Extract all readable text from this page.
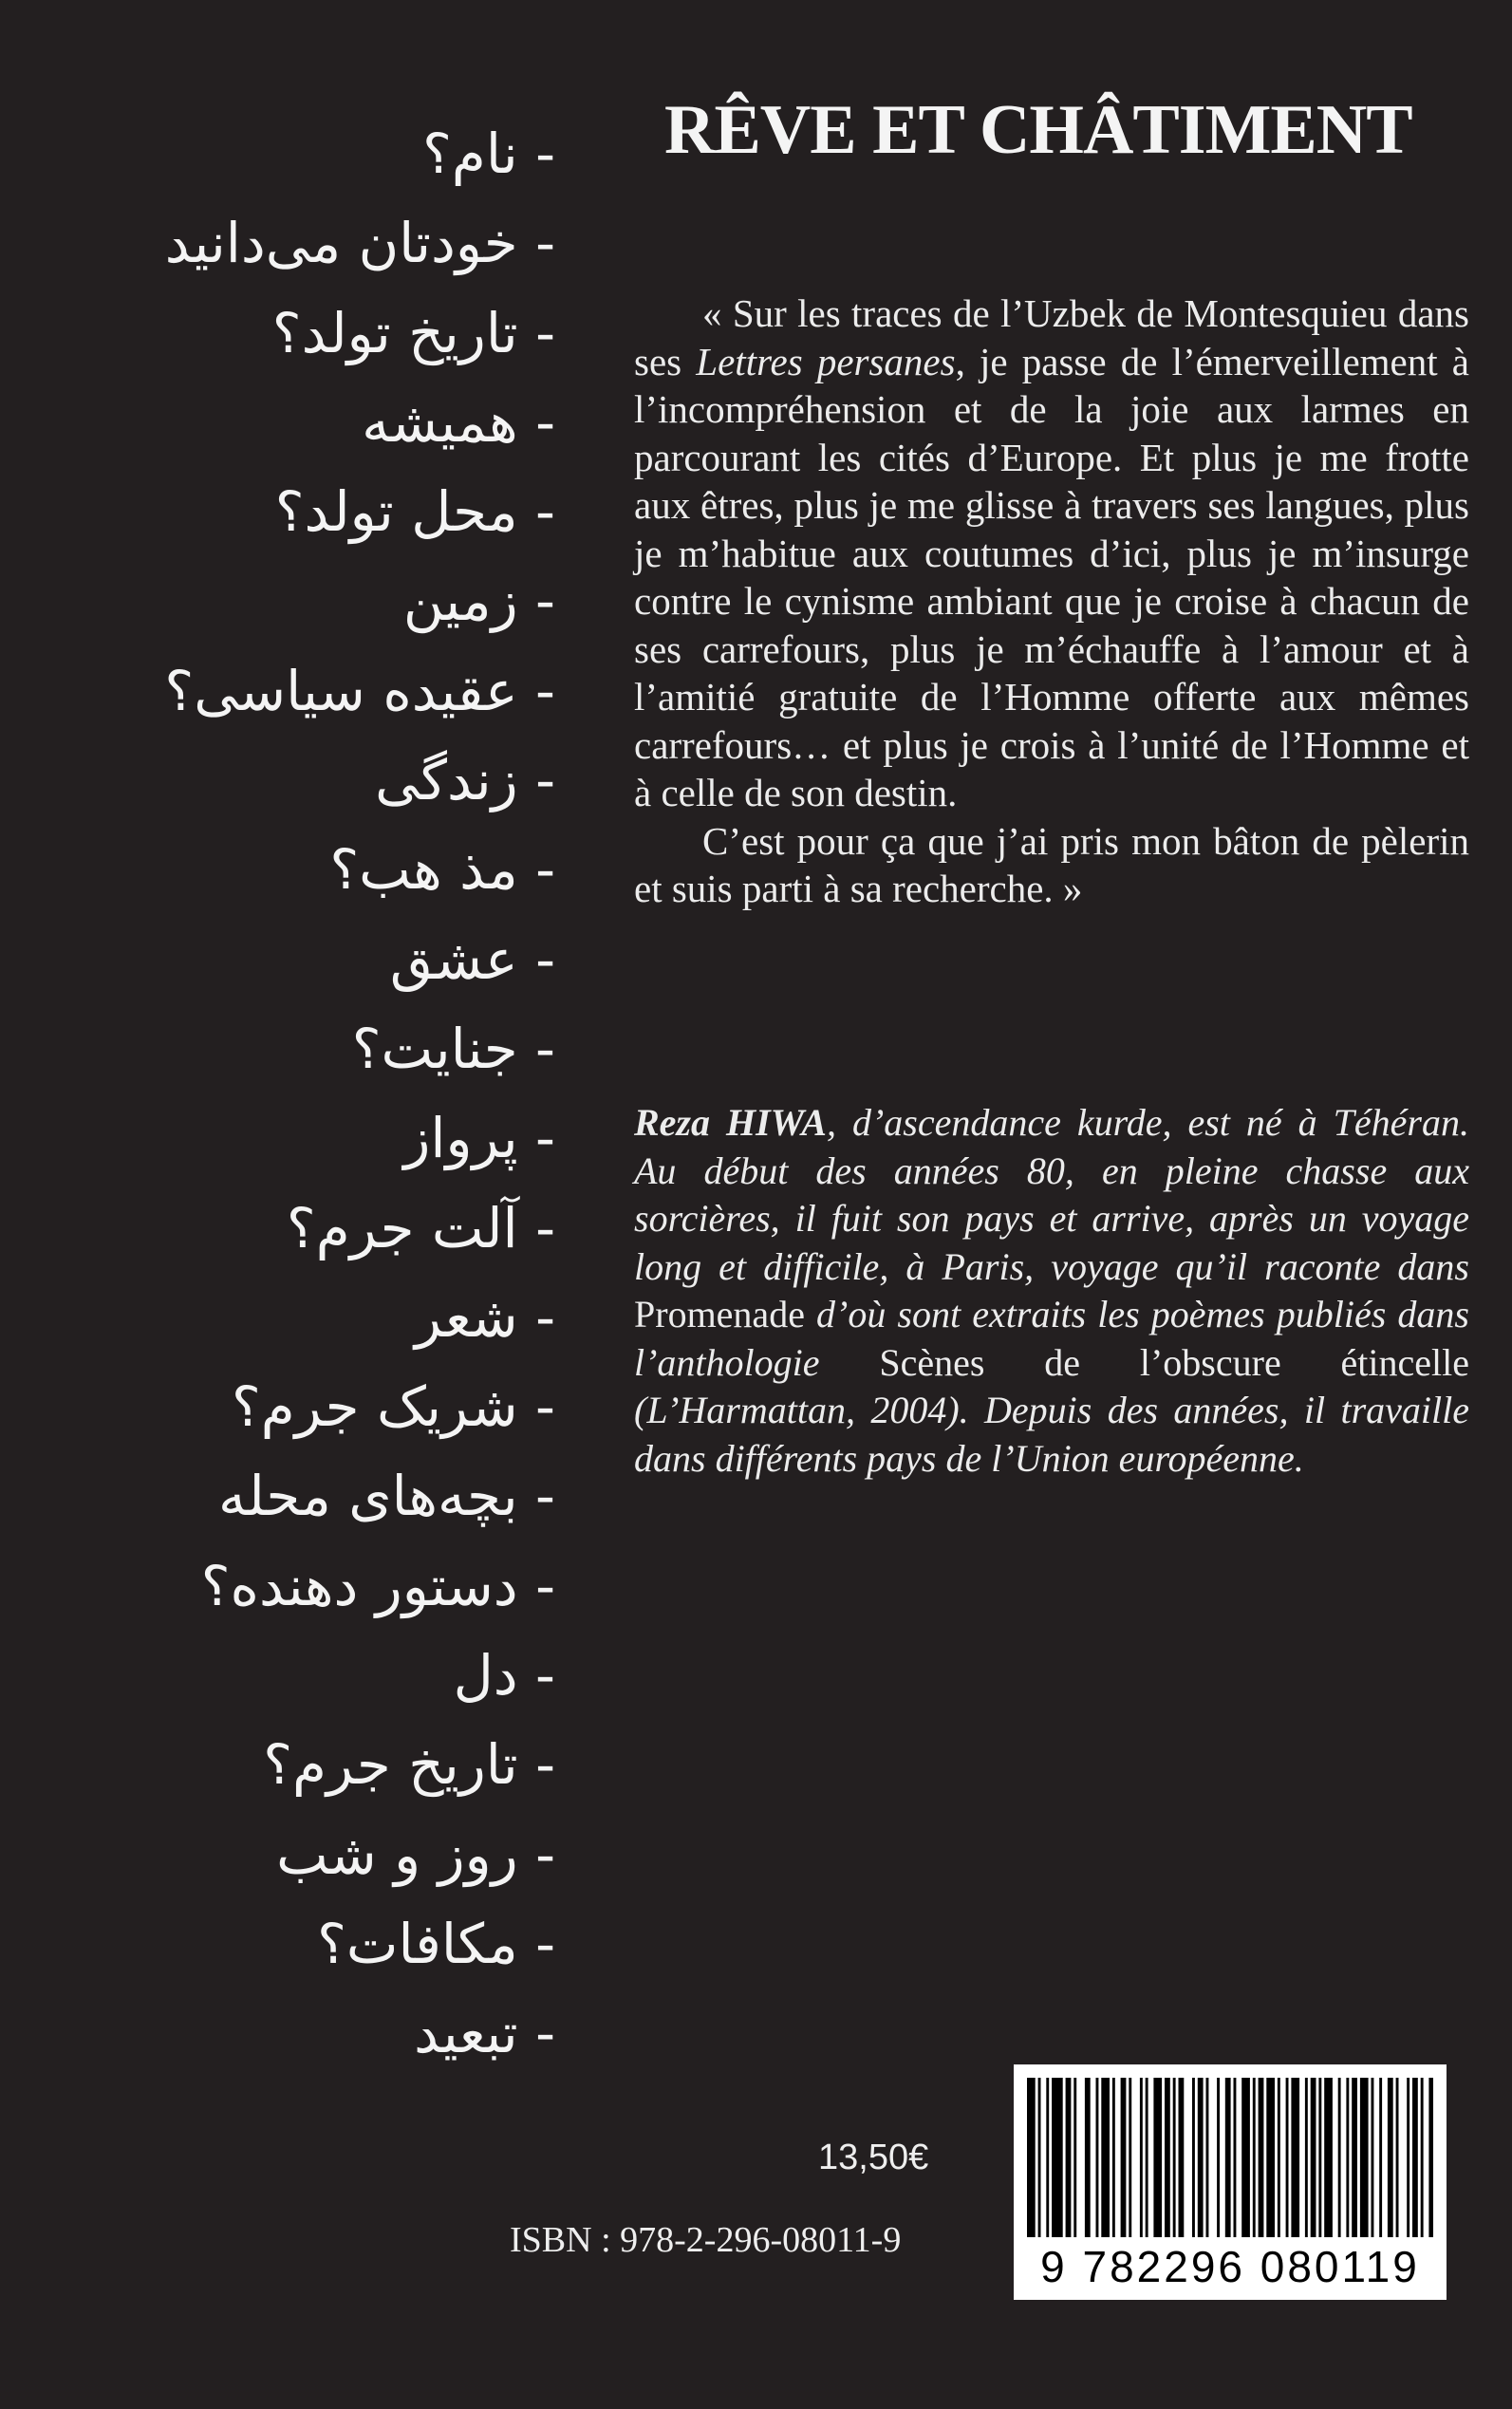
- نام؟
- خودتان می‌دانید
- تاریخ تولد؟
- همیشه
- محل تولد؟
- زمین
- عقیده سیاسی؟
- زندگی
- مذ هب؟
- عشق
- جنایت؟
- پرواز
- آلت جرم؟
- شعر
- شریک جرم؟
- بچه‌های محله
- دستور دهنده؟
- دل
- تاریخ جرم؟
- روز و شب
- مکافات؟
- تبعید
RÊVE ET CHÂTIMENT

« Sur les traces de l’Uzbek de Montesquieu dans ses Lettres persanes, je passe de l’émerveillement à l’incompréhension et de la joie aux larmes en parcourant les cités d’Europe. Et plus je me frotte aux êtres, plus je me glisse à travers ses langues, plus je m’habitue aux coutumes d’ici, plus je m’insurge contre le cynisme ambiant que je croise à chacun de ses carrefours, plus je m’échauffe à l’amour et à l’amitié gratuite de l’Homme offerte aux mêmes carrefours… et plus je crois à l’unité de l’Homme et à celle de son destin.

C’est pour ça que j’ai pris mon bâton de pèlerin et suis parti à sa recherche. »

Reza HIWA, d’ascendance kurde, est né à Téhéran. Au début des années 80, en pleine chasse aux sorcières, il fuit son pays et arrive, après un voyage long et difficile, à Paris, voyage qu’il raconte dans Promenade d’où sont extraits les poèmes publiés dans l’anthologie Scènes de l’obscure étincelle (L’Harmattan, 2004). Depuis des années, il travaille dans différents pays de l’Union européenne.
13,50€
ISBN : 978-2-296-08011-9
9 782296 080119
